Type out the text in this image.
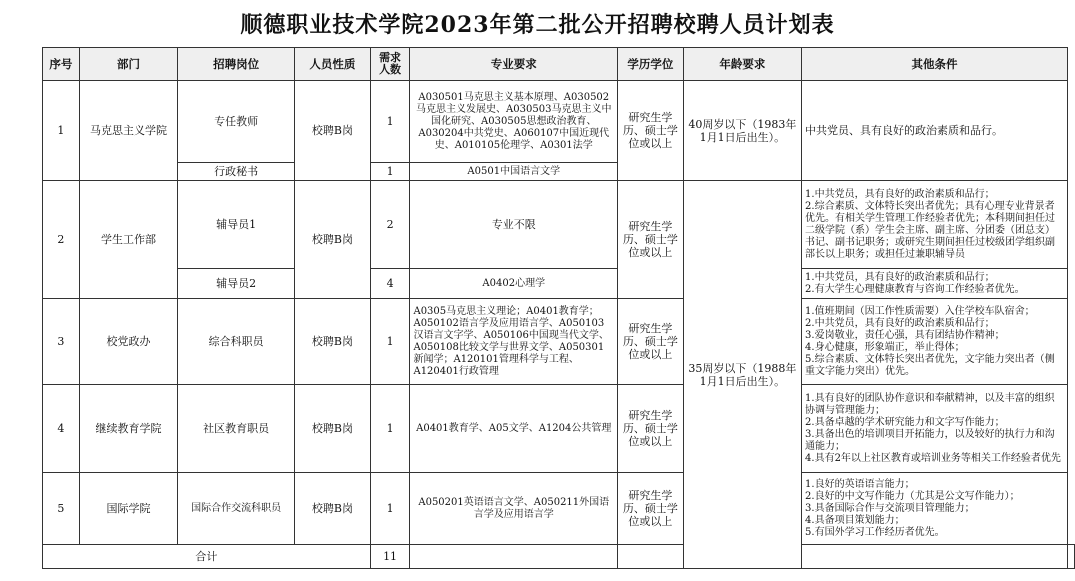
顺德职业技术学院2023年第二批公开招聘校聘人员计划表
序号	部门	招聘岗位	人员性质	需求人数	专业要求	学历学位	年龄要求	其他条件	
1	马克思主义学院	专任教师	校聘B岗	1	A030501马克思主义基本原理、A030502马克思主义发展史、A030503马克思主义中国化研究、A030505思想政治教育、A030204中共党史、A060107中国近现代史、A010105伦理学、A0301法学	研究生学历、硕士学位或以上	40周岁以下（1983年1月1日后出生）。	中共党员、具有良好的政治素质和品行。	
		行政秘书		1	A0501中国语言文学				
2	学生工作部	辅导员1	校聘B岗	2	专业不限	研究生学历、硕士学位或以上	35周岁以下（1988年1月1日后出生）。	1.中共党员，具有良好的政治素质和品行；
2.综合素质、文体特长突出者优先；具有心理专业背景者优先。有相关学生管理工作经验者优先；本科期间担任过二级学院（系）学生会主席、副主席、分团委（团总支）书记、副书记职务；或研究生期间担任过校级团学组织副部长以上职务；或担任过兼职辅导员	

		辅导员2		4	A0402心理学			1.中共党员，具有良好的政治素质和品行；
2.有大学生心理健康教育与咨询工作经验者优先。	

3	校党政办	综合科职员	校聘B岗	1	A0305马克思主义理论；A0401教育学；A050102语言学及应用语言学、A050103汉语言文字学、A050106中国现当代文学、A050108比较文学与世界文学、A050301新闻学；A120101管理科学与工程、A120401行政管理	研究生学历、硕士学位或以上		1.值班期间（因工作性质需要）入住学校车队宿舍；
2.中共党员，具有良好的政治素质和品行；
3.爱岗敬业，责任心强，具有团结协作精神；
4.身心健康，形象端正，举止得体；
5.综合素质、文体特长突出者优先，文字能力突出者（侧重文字能力突出）优先。	

4	继续教育学院	社区教育职员	校聘B岗	1	A0401教育学、A05文学、A1204公共管理	研究生学历、硕士学位或以上		1.具有良好的团队协作意识和奉献精神，以及丰富的组织协调与管理能力；
2.具备卓越的学术研究能力和文字写作能力；
3.具备出色的培训项目开拓能力，以及较好的执行力和沟通能力；
4.具有2年以上社区教育或培训业务等相关工作经验者优先	

5	国际学院	国际合作交流科职员	校聘B岗	1	A050201英语语言文学、A050211外国语言学及应用语言学	研究生学历、硕士学位或以上		1.良好的英语语言能力；
2.良好的中文写作能力（尤其是公文写作能力）；
3.具备国际合作与交流项目管理能力；
4.具备项目策划能力；
5.有国外学习工作经历者优先。	

合计				11					
